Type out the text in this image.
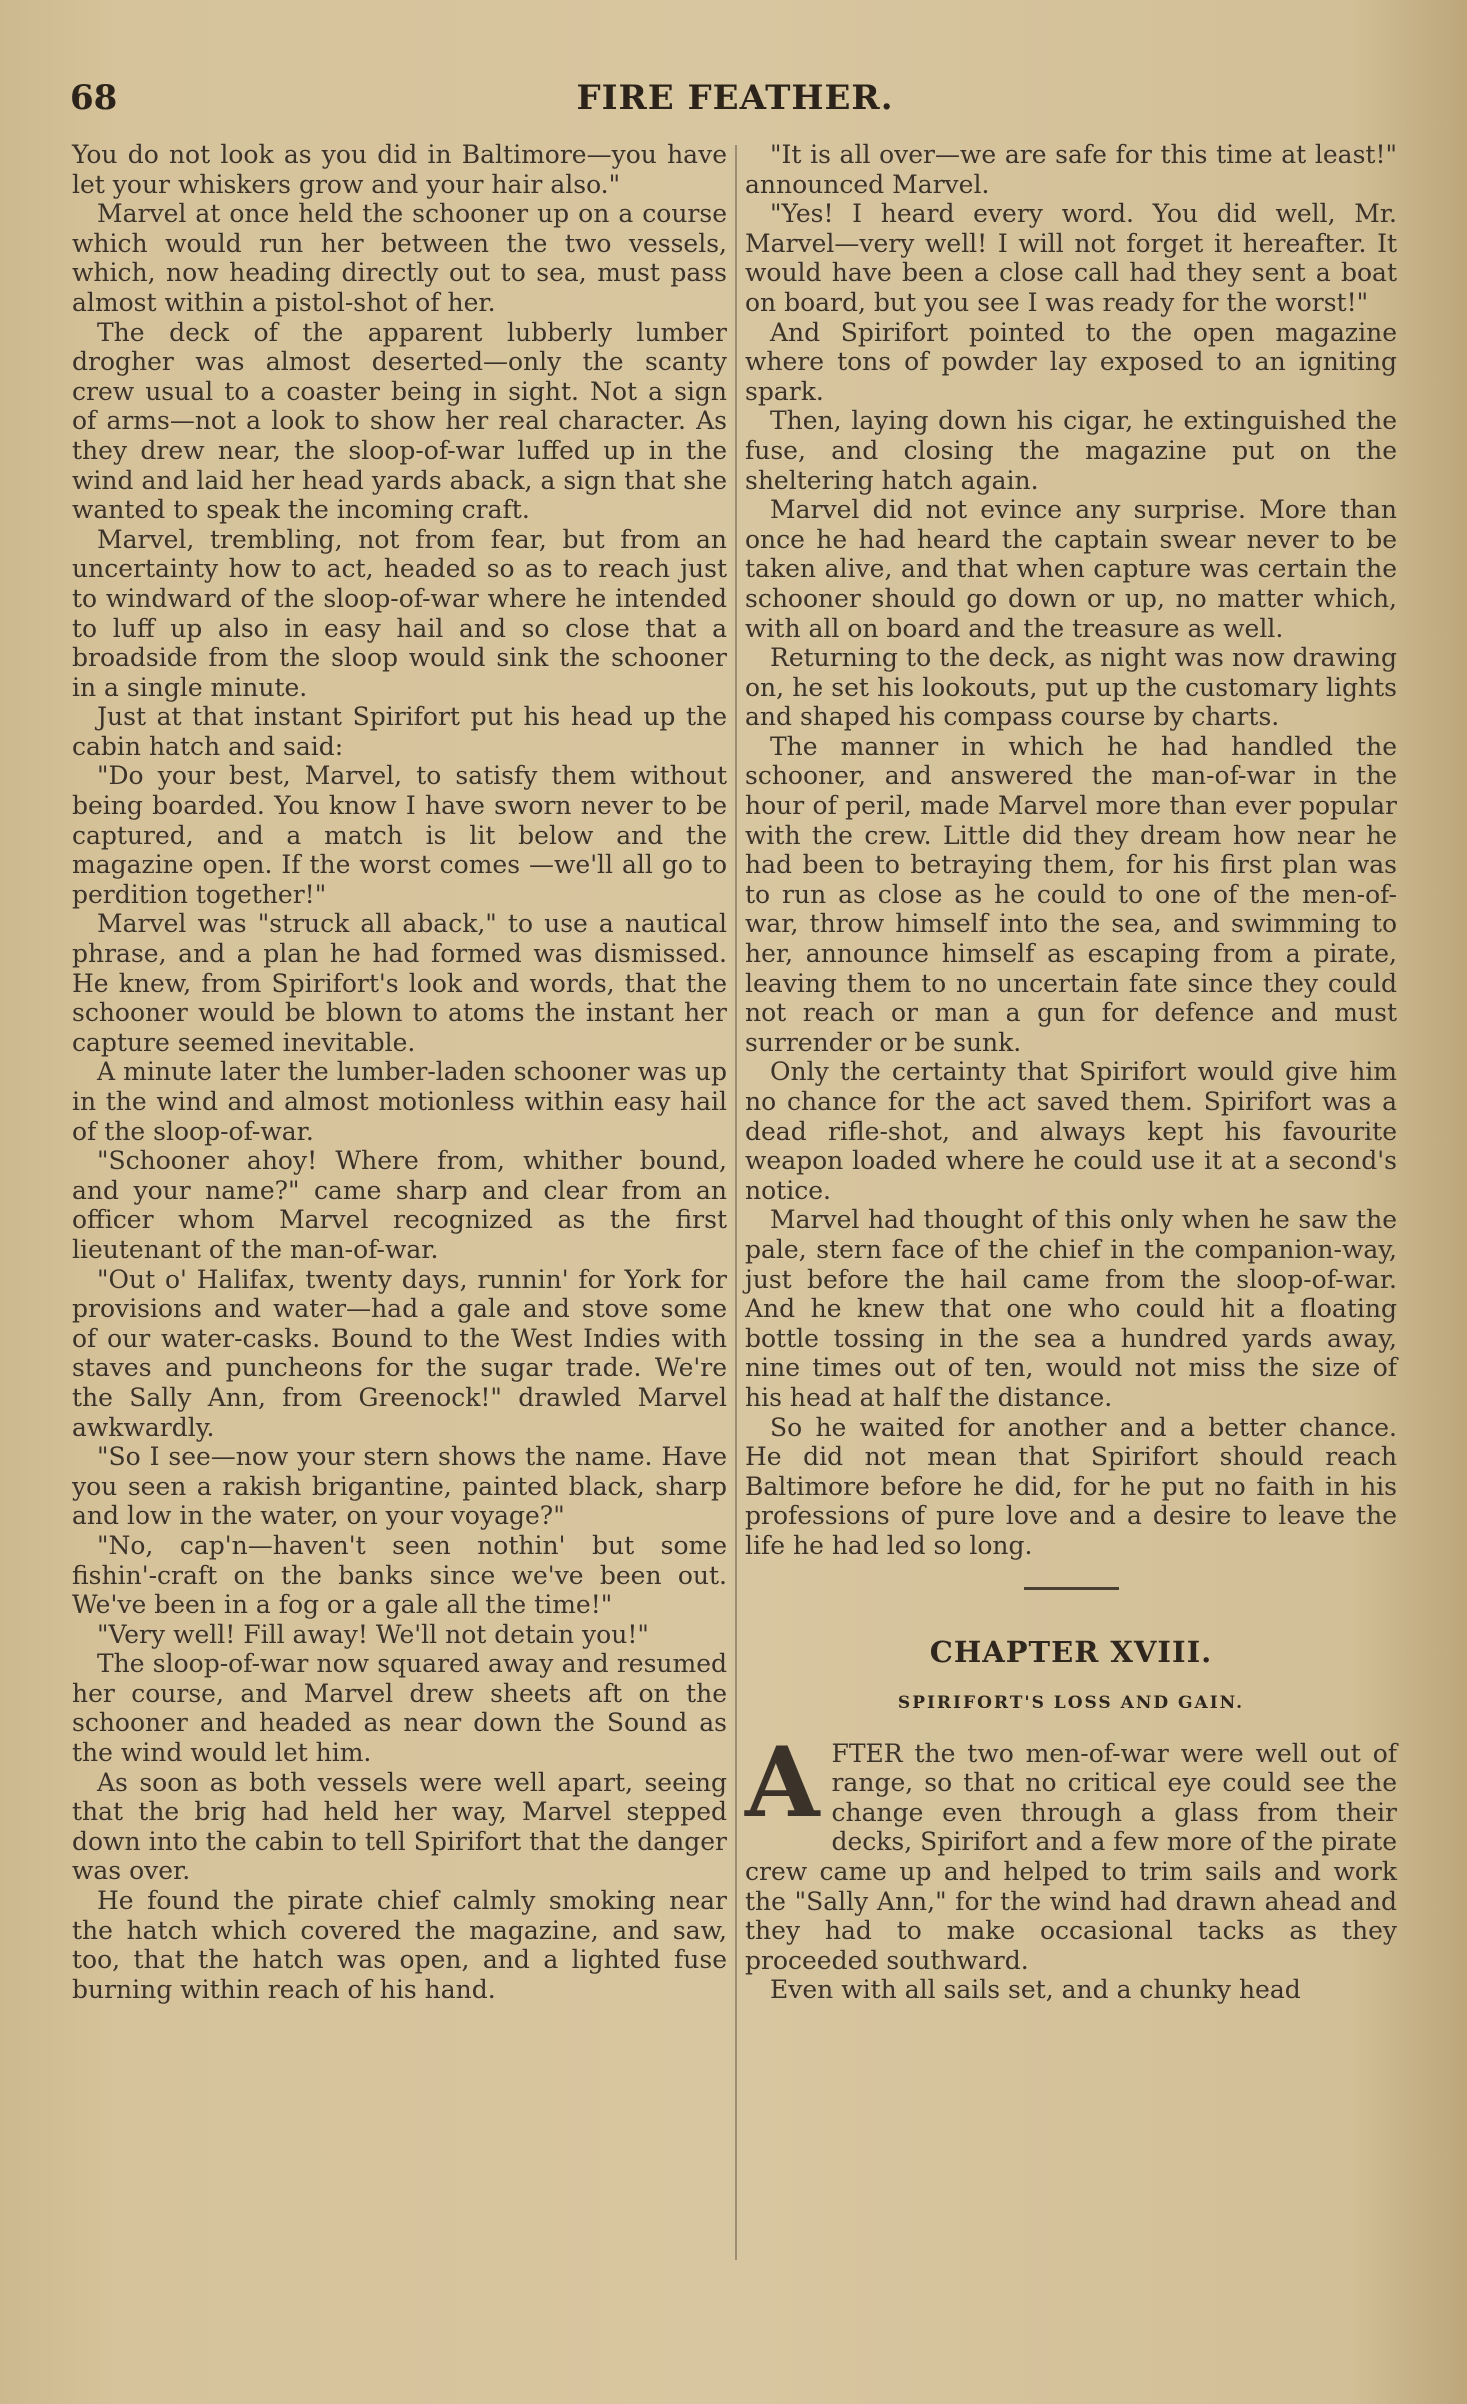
68	FIRE FEATHER.

You do not look as you did in Baltimore—you have let your whiskers grow and your hair also."

Marvel at once held the schooner up on a course which would run her between the two vessels, which, now heading directly out to sea, must pass almost within a pistol-shot of her.

The deck of the apparent lubberly lumber drogher was almost deserted—only the scanty crew usual to a coaster being in sight. Not a sign of arms—not a look to show her real character. As they drew near, the sloop-of-war luffed up in the wind and laid her head yards aback, a sign that she wanted to speak the incoming craft.

Marvel, trembling, not from fear, but from an uncertainty how to act, headed so as to reach just to windward of the sloop-of-war where he intended to luff up also in easy hail and so close that a broadside from the sloop would sink the schooner in a single minute.

Just at that instant Spirifort put his head up the cabin hatch and said:

"Do your best, Marvel, to satisfy them without being boarded. You know I have sworn never to be captured, and a match is lit below and the magazine open. If the worst comes —we'll all go to perdition together!"

Marvel was "struck all aback," to use a nautical phrase, and a plan he had formed was dismissed. He knew, from Spirifort's look and words, that the schooner would be blown to atoms the instant her capture seemed inevitable.

A minute later the lumber-laden schooner was up in the wind and almost motionless within easy hail of the sloop-of-war.

"Schooner ahoy! Where from, whither bound, and your name?" came sharp and clear from an officer whom Marvel recognized as the first lieutenant of the man-of-war.

"Out o' Halifax, twenty days, runnin' for York for provisions and water—had a gale and stove some of our water-casks. Bound to the West Indies with staves and puncheons for the sugar trade. We're the Sally Ann, from Greenock!" drawled Marvel awkwardly.

"So I see—now your stern shows the name. Have you seen a rakish brigantine, painted black, sharp and low in the water, on your voyage?"

"No, cap'n—haven't seen nothin' but some fishin'-craft on the banks since we've been out. We've been in a fog or a gale all the time!"

"Very well! Fill away! We'll not detain you!"

The sloop-of-war now squared away and resumed her course, and Marvel drew sheets aft on the schooner and headed as near down the Sound as the wind would let him.

As soon as both vessels were well apart, seeing that the brig had held her way, Marvel stepped down into the cabin to tell Spirifort that the danger was over.

He found the pirate chief calmly smoking near the hatch which covered the magazine, and saw, too, that the hatch was open, and a lighted fuse burning within reach of his hand.

"It is all over—we are safe for this time at least!" announced Marvel.

"Yes! I heard every word. You did well, Mr. Marvel—very well! I will not forget it hereafter. It would have been a close call had they sent a boat on board, but you see I was ready for the worst!"

And Spirifort pointed to the open magazine where tons of powder lay exposed to an igniting spark.

Then, laying down his cigar, he extinguished the fuse, and closing the magazine put on the sheltering hatch again.

Marvel did not evince any surprise. More than once he had heard the captain swear never to be taken alive, and that when capture was certain the schooner should go down or up, no matter which, with all on board and the treasure as well.

Returning to the deck, as night was now drawing on, he set his lookouts, put up the customary lights and shaped his compass course by charts.

The manner in which he had handled the schooner, and answered the man-of-war in the hour of peril, made Marvel more than ever popular with the crew. Little did they dream how near he had been to betraying them, for his first plan was to run as close as he could to one of the men-of-war, throw himself into the sea, and swimming to her, announce himself as escaping from a pirate, leaving them to no uncertain fate since they could not reach or man a gun for defence and must surrender or be sunk.

Only the certainty that Spirifort would give him no chance for the act saved them. Spirifort was a dead rifle-shot, and always kept his favourite weapon loaded where he could use it at a second's notice.

Marvel had thought of this only when he saw the pale, stern face of the chief in the companion-way, just before the hail came from the sloop-of-war. And he knew that one who could hit a floating bottle tossing in the sea a hundred yards away, nine times out of ten, would not miss the size of his head at half the distance.

So he waited for another and a better chance. He did not mean that Spirifort should reach Baltimore before he did, for he put no faith in his professions of pure love and a desire to leave the life he had led so long.

CHAPTER XVIII.
SPIRIFORT'S LOSS AND GAIN.
A FTER the two men-of-war were well out of range, so that no critical eye could see the change even through a glass from their decks, Spirifort and a few more of the pirate crew came up and helped to trim sails and work the "Sally Ann," for the wind had drawn ahead and they had to make occasional tacks as they proceeded southward.

Even with all sails set, and a chunky head
